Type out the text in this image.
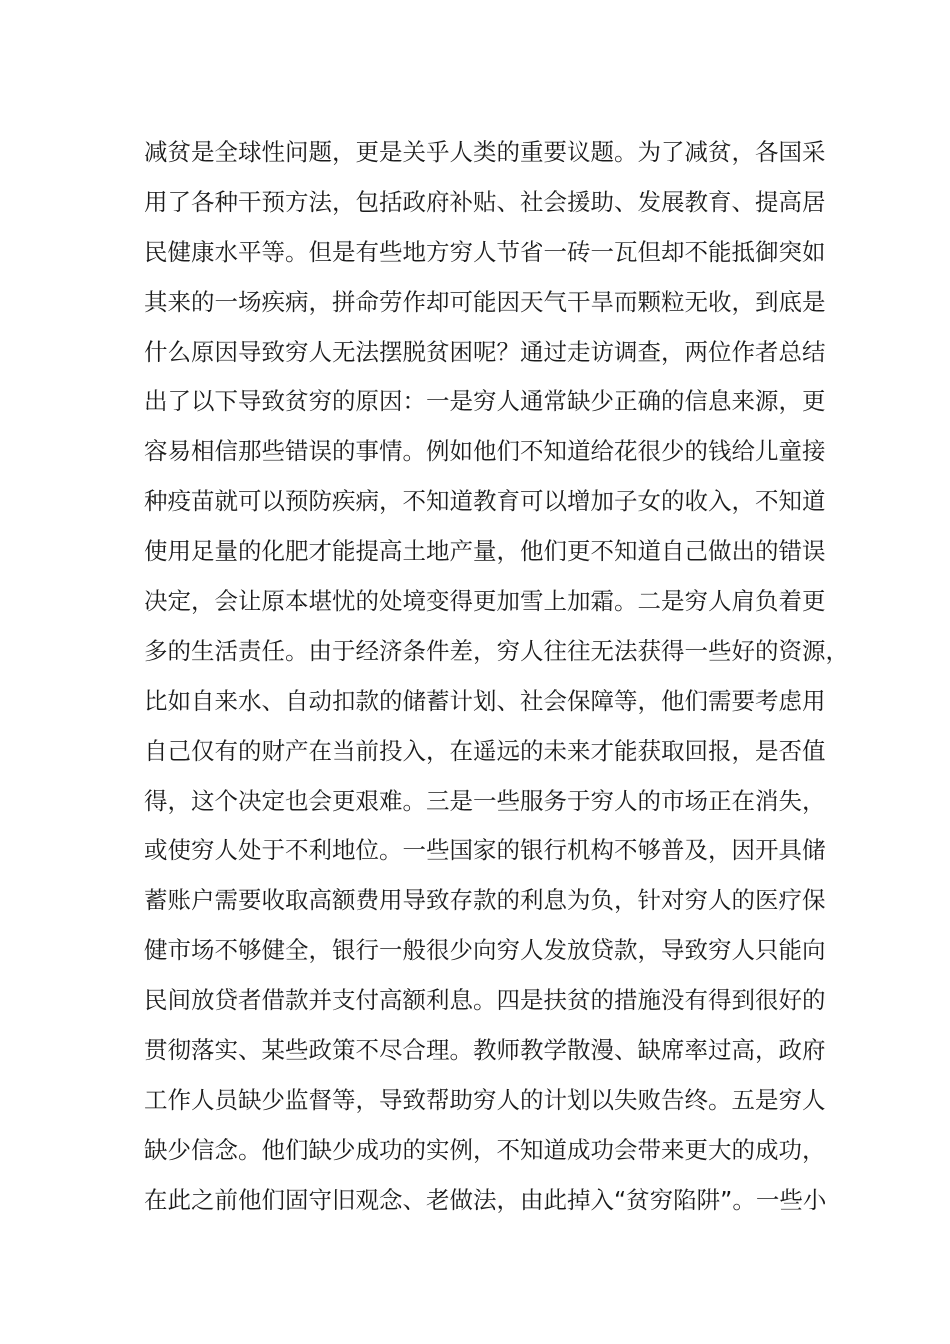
减贫是全球性问题，更是关乎人类的重要议题。为了减贫，各国采
用了各种干预方法，包括政府补贴、社会援助、发展教育、提高居
民健康水平等。但是有些地方穷人节省一砖一瓦但却不能抵御突如
其来的一场疾病，拼命劳作却可能因天气干旱而颗粒无收，到底是
什么原因导致穷人无法摆脱贫困呢？通过走访调查，两位作者总结
出了以下导致贫穷的原因：一是穷人通常缺少正确的信息来源，更
容易相信那些错误的事情。例如他们不知道给花很少的钱给儿童接
种疫苗就可以预防疾病，不知道教育可以增加子女的收入，不知道
使用足量的化肥才能提高土地产量，他们更不知道自己做出的错误
决定，会让原本堪忧的处境变得更加雪上加霜。二是穷人肩负着更
多的生活责任。由于经济条件差，穷人往往无法获得一些好的资源，
比如自来水、自动扣款的储蓄计划、社会保障等，他们需要考虑用
自己仅有的财产在当前投入，在遥远的未来才能获取回报，是否值
得，这个决定也会更艰难。三是一些服务于穷人的市场正在消失，
或使穷人处于不利地位。一些国家的银行机构不够普及，因开具储
蓄账户需要收取高额费用导致存款的利息为负，针对穷人的医疗保
健市场不够健全，银行一般很少向穷人发放贷款，导致穷人只能向
民间放贷者借款并支付高额利息。四是扶贫的措施没有得到很好的
贯彻落实、某些政策不尽合理。教师教学散漫、缺席率过高，政府
工作人员缺少监督等，导致帮助穷人的计划以失败告终。五是穷人
缺少信念。他们缺少成功的实例，不知道成功会带来更大的成功，
在此之前他们固守旧观念、老做法，由此掉入“贫穷陷阱”。一些小
